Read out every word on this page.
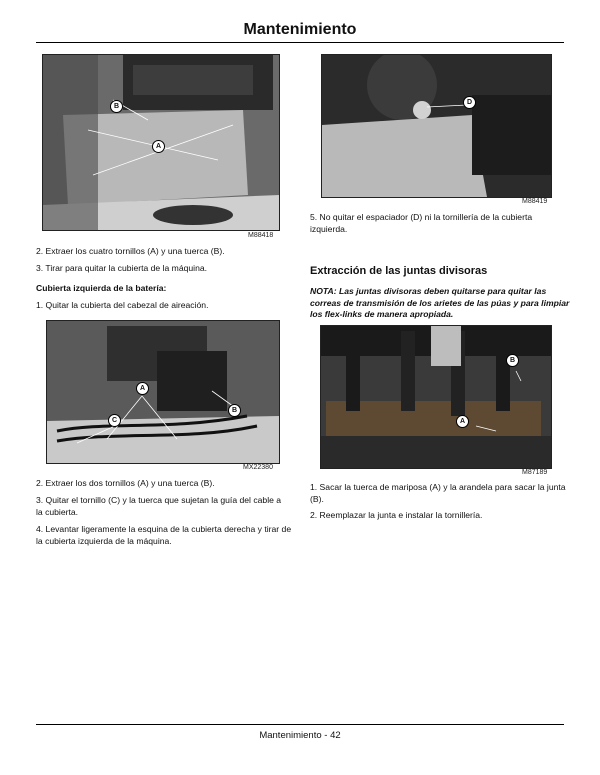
Mantenimiento
A
B
M88418

2. Extraer los cuatro tornillos (A) y una tuerca (B).

3. Tirar para quitar la cubierta de la máquina.

Cubierta izquierda de la batería:

1. Quitar la cubierta del cabezal de aireación.

A
B
C
MX22380

2. Extraer los dos tornillos (A) y una tuerca (B).

3. Quitar el tornillo (C) y la tuerca que sujetan la guía del cable a la cubierta.

4. Levantar ligeramente la esquina de la cubierta derecha y tirar de la cubierta izquierda de la máquina.

D
M88419

5. No quitar el espaciador (D) ni la tornillería de la cubierta izquierda.

Extracción de las juntas divisoras

NOTA: Las juntas divisoras deben quitarse para quitar las correas de transmisión de los arietes de las púas y para limpiar los flex-links de manera apropiada.

A
B
M87189

1. Sacar la tuerca de mariposa (A) y la arandela para sacar la junta (B).

2. Reemplazar la junta e instalar la tornillería.

Mantenimiento - 42
